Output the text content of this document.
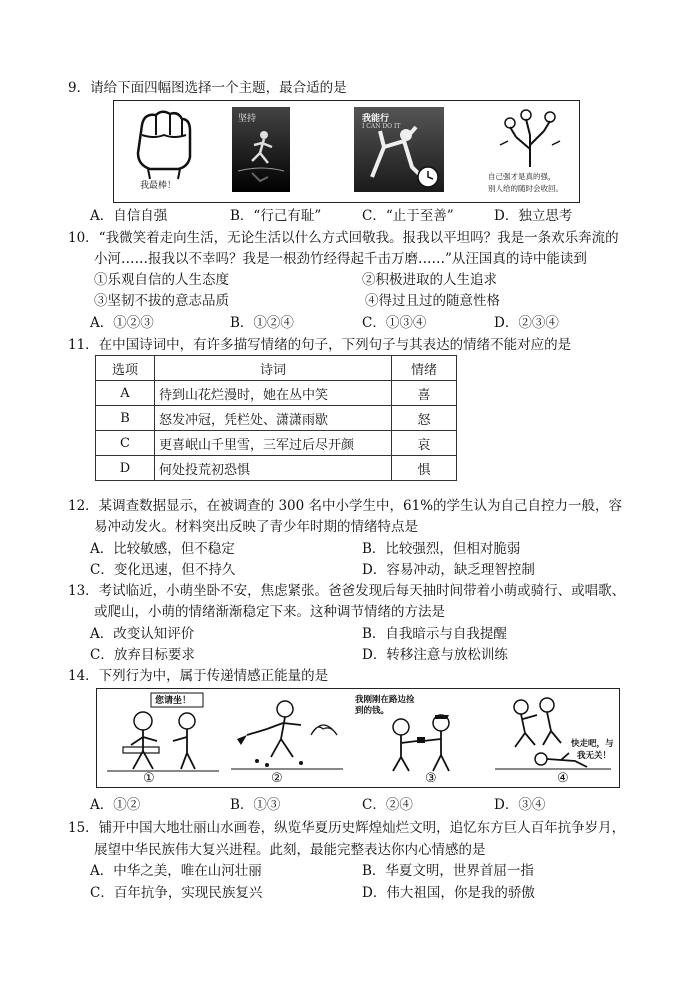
9．请给下面四幅图选择一个主题，最合适的是
我最棒！
坚持	我能行
I CAN DO IT
自己强才是真的强，
别人给的随时会收回。
A．自信自强	B．“行己有耻”	C．“止于至善”	D．独立思考
10．“我微笑着走向生活，无论生活以什么方式回敬我。报我以平坦吗？我是一条欢乐奔流的
小河……报我以不幸吗？我是一根劲竹经得起千击万磨……”从汪国真的诗中能读到
①乐观自信的人生态度	②积极进取的人生追求
③坚韧不拔的意志品质	④得过且过的随意性格
A．①②③	B．①②④	C．①③④	D．②③④
11．在中国诗词中，有许多描写情绪的句子，下列句子与其表达的情绪不能对应的是
选项	诗词	情绪
A	待到山花烂漫时，她在丛中笑	喜
B	怒发冲冠，凭栏处、潇潇雨歇	怒
C	更喜岷山千里雪，三军过后尽开颜	哀
D	何处投荒初恐惧	惧
12．某调查数据显示，在被调查的 300 名中小学生中，61%的学生认为自己自控力一般，容
易冲动发火。材料突出反映了青少年时期的情绪特点是
A．比较敏感，但不稳定	B．比较强烈，但相对脆弱
C．变化迅速，但不持久	D．容易冲动，缺乏理智控制
13．考试临近，小萌坐卧不安，焦虑紧张。爸爸发现后每天抽时间带着小萌或骑行、或唱歌、
或爬山，小萌的情绪渐渐稳定下来。这种调节情绪的方法是
A．改变认知评价	B．自我暗示与自我提醒
C．放弃目标要求	D．转移注意与放松训练
14．下列行为中，属于传递情感正能量的是
您请坐！	我刚刚在路边捡
到的钱。
快走吧，与
我无关！
①	②	③	④
A．①②	B．①③	C．②④	D．③④
15．铺开中国大地壮丽山水画卷，纵览华夏历史辉煌灿烂文明，追忆东方巨人百年抗争岁月，
展望中华民族伟大复兴进程。此刻，最能完整表达你内心情感的是
A．中华之美，唯在山河壮丽	B．华夏文明，世界首屈一指
C．百年抗争，实现民族复兴	D．伟大祖国，你是我的骄傲
